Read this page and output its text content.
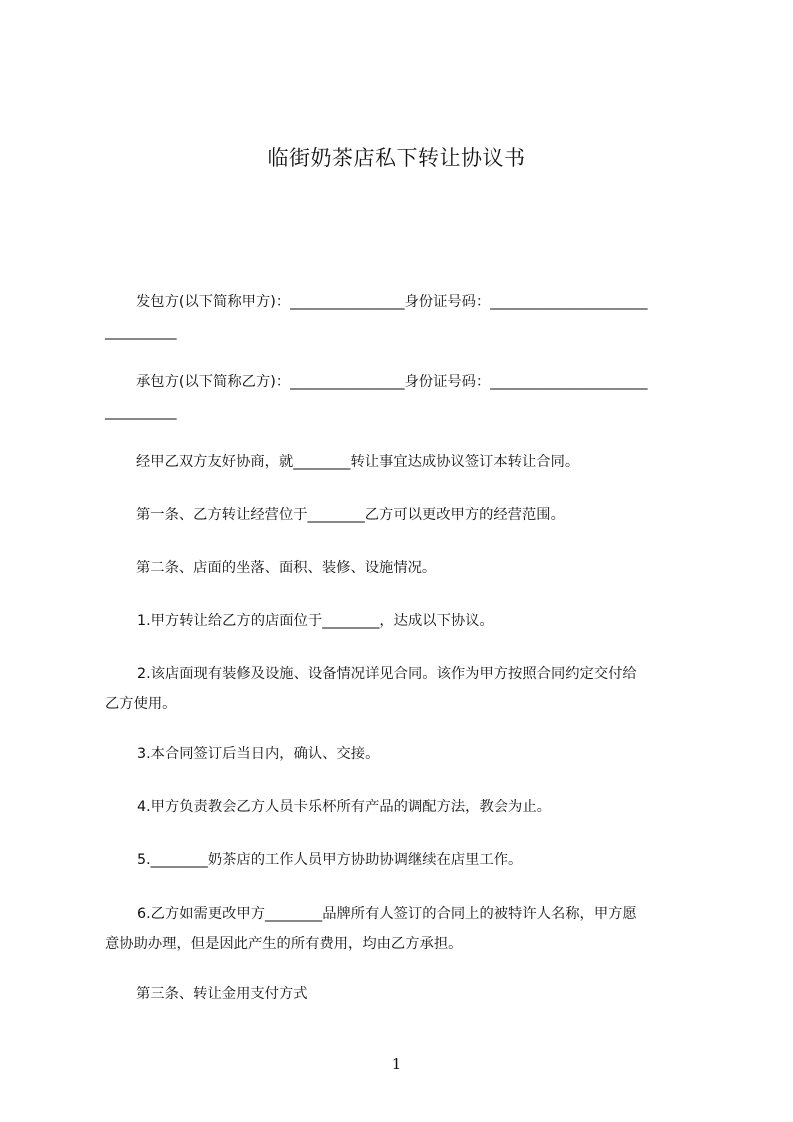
临街奶茶店私下转让协议书
发包方(以下简称甲方)：________________身份证号码：______________________
__________
承包方(以下简称乙方)：________________身份证号码：______________________
__________
经甲乙双方友好协商，就________转让事宜达成协议签订本转让合同。
第一条、乙方转让经营位于________乙方可以更改甲方的经营范围。
第二条、店面的坐落、面积、装修、设施情况。
1.甲方转让给乙方的店面位于________，达成以下协议。
2.该店面现有装修及设施、设备情况详见合同。该作为甲方按照合同约定交付给
乙方使用。
3.本合同签订后当日内，确认、交接。
4.甲方负责教会乙方人员卡乐杯所有产品的调配方法，教会为止。
5.________奶茶店的工作人员甲方协助协调继续在店里工作。
6.乙方如需更改甲方________品牌所有人签订的合同上的被特许人名称，甲方愿
意协助办理，但是因此产生的所有费用，均由乙方承担。
第三条、转让金用支付方式
1
